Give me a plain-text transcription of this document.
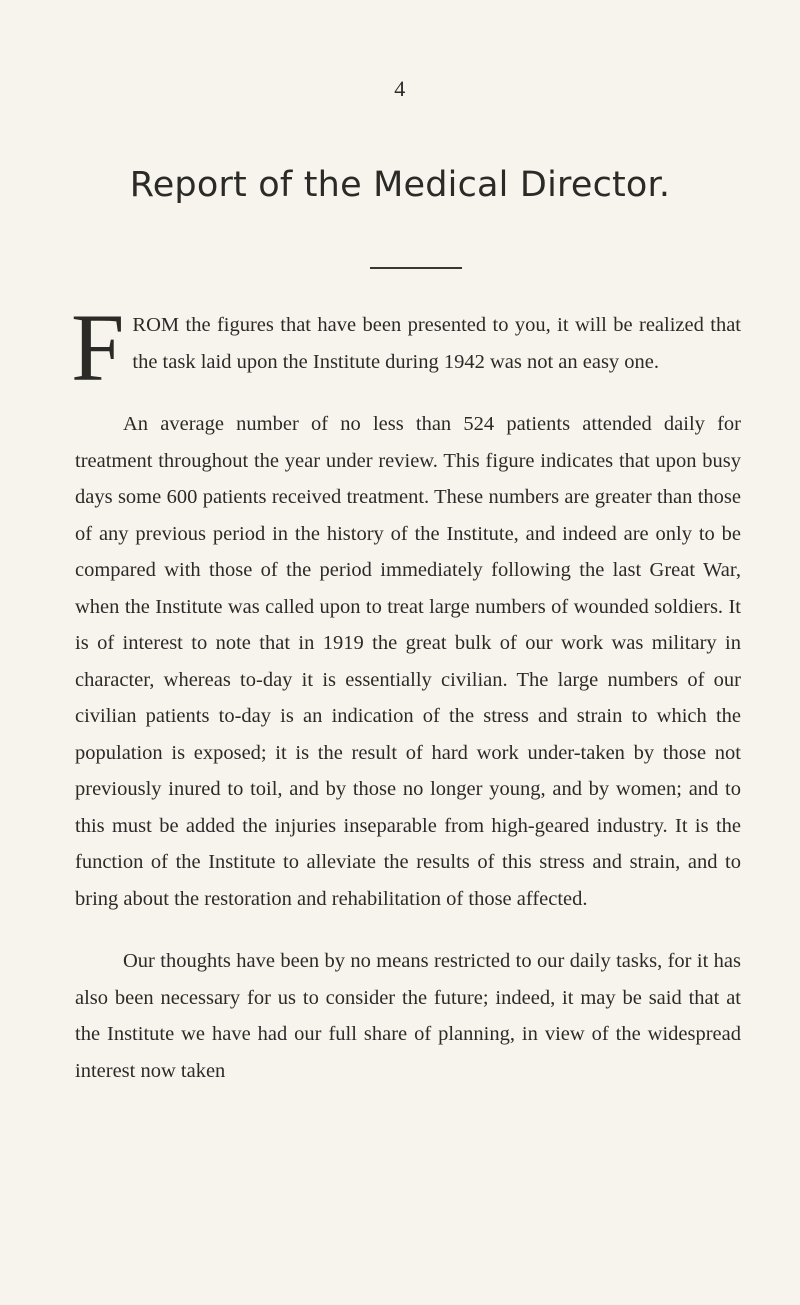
4
Report of the Medical Director.

FROM the figures that have been presented to you, it will be realized that the task laid upon the Institute during 1942 was not an easy one.

An average number of no less than 524 patients attended daily for treatment throughout the year under review. This figure indicates that upon busy days some 600 patients received treatment. These numbers are greater than those of any previous period in the history of the Institute, and indeed are only to be compared with those of the period immediately following the last Great War, when the Institute was called upon to treat large numbers of wounded soldiers. It is of interest to note that in 1919 the great bulk of our work was military in character, whereas to-day it is essentially civilian. The large numbers of our civilian patients to-day is an indication of the stress and strain to which the population is exposed; it is the result of hard work under-taken by those not previously inured to toil, and by those no longer young, and by women; and to this must be added the injuries inseparable from high-geared industry. It is the function of the Institute to alleviate the results of this stress and strain, and to bring about the restoration and rehabilitation of those affected.

Our thoughts have been by no means restricted to our daily tasks, for it has also been necessary for us to consider the future; indeed, it may be said that at the Institute we have had our full share of planning, in view of the widespread interest now taken
